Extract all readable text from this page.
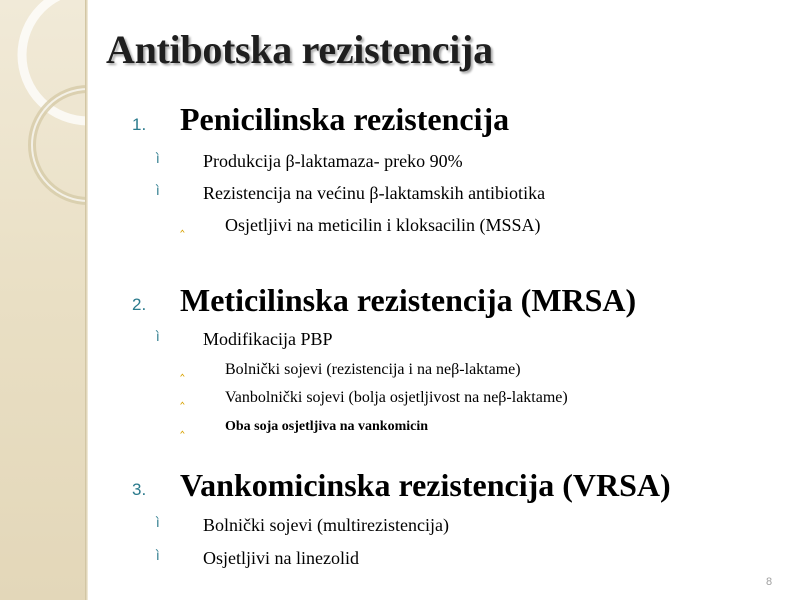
Antibotska rezistencija
1. Penicilinska rezistencija
ì Produkcija β-laktamaza- preko 90%
ì Rezistencija na većinu β-laktamskih antibiotika
‸ Osjetljivi na meticilin i kloksacilin (MSSA)
2. Meticilinska rezistencija (MRSA)
ì Modifikacija PBP
‸	Bolnički sojevi (rezistencija i na neβ-laktame)
‸	Vanbolnički sojevi (bolja osjetljivost na neβ-laktame)
‸	Oba soja osjetljiva na vankomicin
3. Vankomicinska rezistencija (VRSA)
ì Bolnički sojevi (multirezistencija)
ì Osjetljivi na linezolid
8
